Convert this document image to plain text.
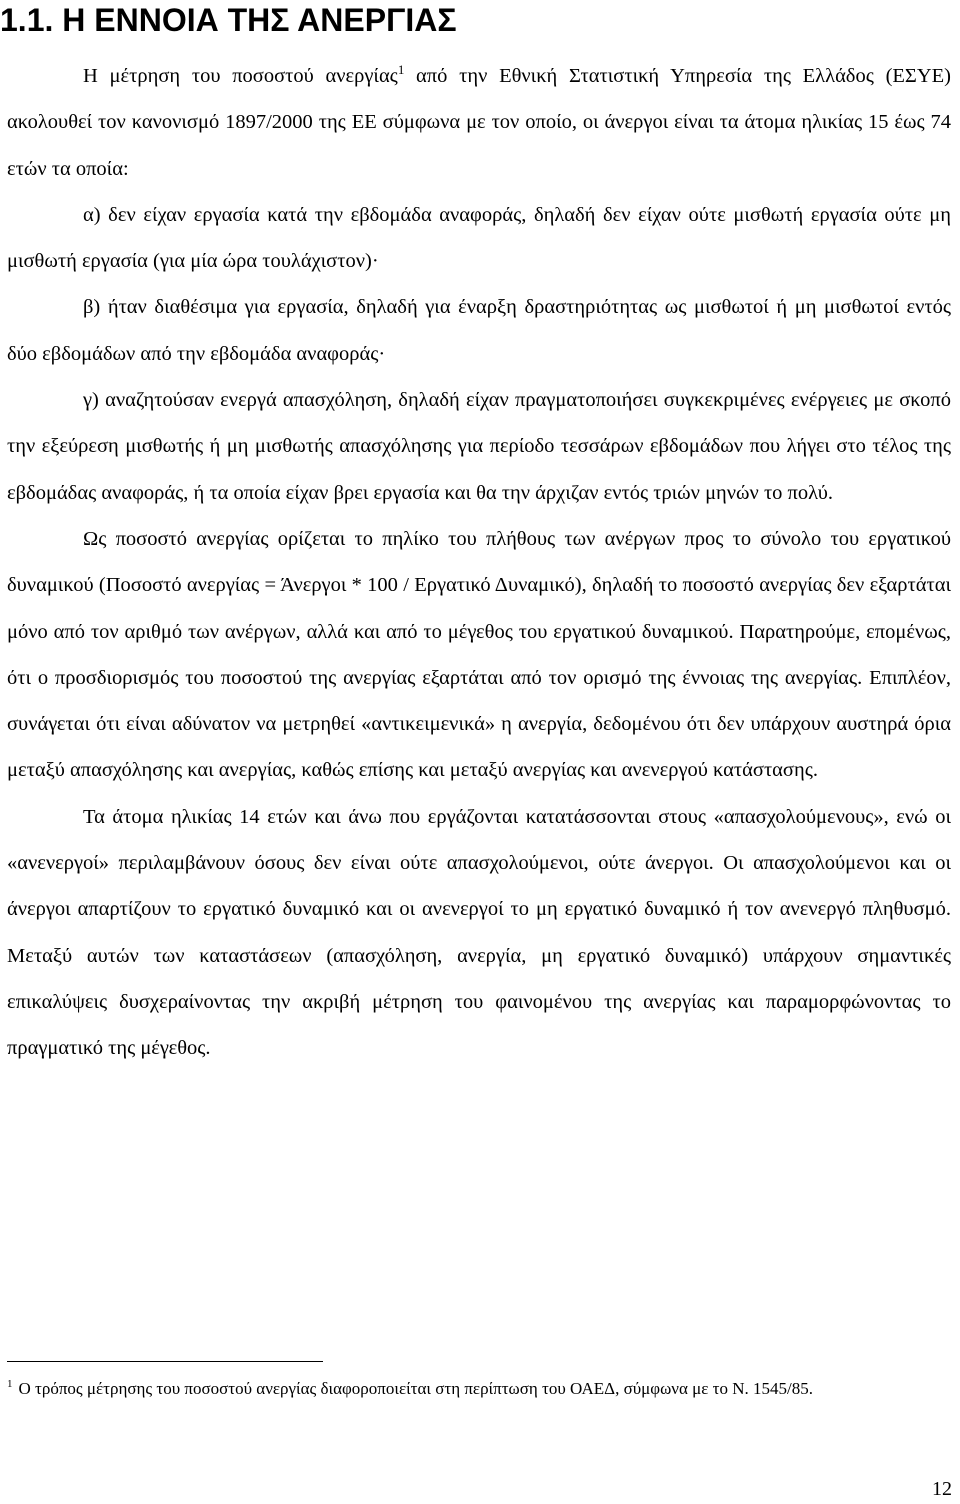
1.1. Η ΕΝΝΟΙΑ ΤΗΣ ΑΝΕΡΓΙΑΣ

Η μέτρηση του ποσοστού ανεργίας$^1$ από την Εθνική Στατιστική Υπηρεσία της Ελλάδος (ΕΣΥΕ) ακολουθεί τον κανονισμό 1897/2000 της ΕΕ σύμφωνα με τον οποίο, οι άνεργοι είναι τα άτομα ηλικίας 15 έως 74 ετών τα οποία:

α) δεν είχαν εργασία κατά την εβδομάδα αναφοράς, δηλαδή δεν είχαν ούτε μισθωτή εργασία ούτε μη μισθωτή εργασία (για μία ώρα τουλάχιστον)·

β) ήταν διαθέσιμα για εργασία, δηλαδή για έναρξη δραστηριότητας ως μισθωτοί ή μη μισθωτοί εντός δύο εβδομάδων από την εβδομάδα αναφοράς·

γ) αναζητούσαν ενεργά απασχόληση, δηλαδή είχαν πραγματοποιήσει συγκεκριμένες ενέργειες με σκοπό την εξεύρεση μισθωτής ή μη μισθωτής απασχόλησης για περίοδο τεσσάρων εβδομάδων που λήγει στο τέλος της εβδομάδας αναφοράς, ή τα οποία είχαν βρει εργασία και θα την άρχιζαν εντός τριών μηνών το πολύ.

Ως ποσοστό ανεργίας ορίζεται το πηλίκο του πλήθους των ανέργων προς το σύνολο του εργατικού δυναμικού (Ποσοστό ανεργίας = Άνεργοι * 100 / Εργατικό Δυναμικό), δηλαδή το ποσοστό ανεργίας δεν εξαρτάται μόνο από τον αριθμό των ανέργων, αλλά και από το μέγεθος του εργατικού δυναμικού. Παρατηρούμε, επομένως, ότι ο προσδιορισμός του ποσοστού της ανεργίας εξαρτάται από τον ορισμό της έννοιας της ανεργίας. Επιπλέον, συνάγεται ότι είναι αδύνατον να μετρηθεί «αντικειμενικά» η ανεργία, δεδομένου ότι δεν υπάρχουν αυστηρά όρια μεταξύ απασχόλησης και ανεργίας, καθώς επίσης και μεταξύ ανεργίας και ανενεργού κατάστασης.

Τα άτομα ηλικίας 14 ετών και άνω που εργάζονται κατατάσσονται στους «απασχολούμενους», ενώ οι «ανενεργοί» περιλαμβάνουν όσους δεν είναι ούτε απασχολούμενοι, ούτε άνεργοι. Οι απασχολούμενοι και οι άνεργοι απαρτίζουν το εργατικό δυναμικό και οι ανενεργοί το μη εργατικό δυναμικό ή τον ανενεργό πληθυσμό. Μεταξύ αυτών των καταστάσεων (απασχόληση, ανεργία, μη εργατικό δυναμικό) υπάρχουν σημαντικές επικαλύψεις δυσχεραίνοντας την ακριβή μέτρηση του φαινομένου της ανεργίας και παραμορφώνοντας το πραγματικό της μέγεθος.

$^1$ Ο τρόπος μέτρησης του ποσοστού ανεργίας διαφοροποιείται στη περίπτωση του ΟΑΕΔ, σύμφωνα με το Ν. 1545/85.
12
